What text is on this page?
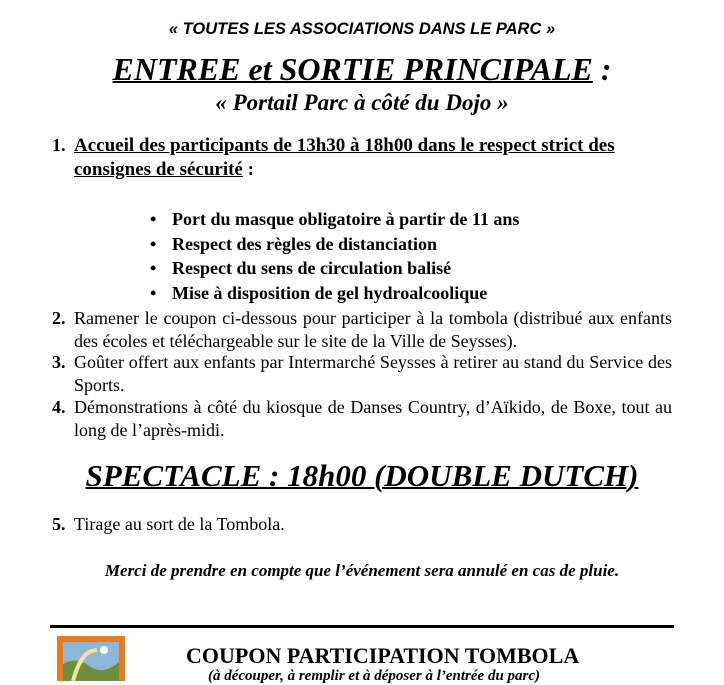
« TOUTES LES ASSOCIATIONS DANS LE PARC »
ENTREE et SORTIE PRINCIPALE :
« Portail Parc à côté du Dojo »
1. Accueil des participants de 13h30 à 18h00 dans le respect strict des consignes de sécurité :
• Port du masque obligatoire à partir de 11 ans
• Respect des règles de distanciation
• Respect du sens de circulation balisé
• Mise à disposition de gel hydroalcoolique
2. Ramener le coupon ci-dessous pour participer à la tombola (distribué aux enfants des écoles et téléchargeable sur le site de la Ville de Seysses).
3. Goûter offert aux enfants par Intermarché Seysses à retirer au stand du Service des Sports.
4. Démonstrations à côté du kiosque de Danses Country, d’Aïkido, de Boxe, tout au long de l’après-midi.
SPECTACLE : 18h00 (DOUBLE DUTCH)
5. Tirage au sort de la Tombola.
Merci de prendre en compte que l’événement sera annulé en cas de pluie.
COUPON PARTICIPATION TOMBOLA
(à découper, à remplir et à déposer à l’entrée du parc)
